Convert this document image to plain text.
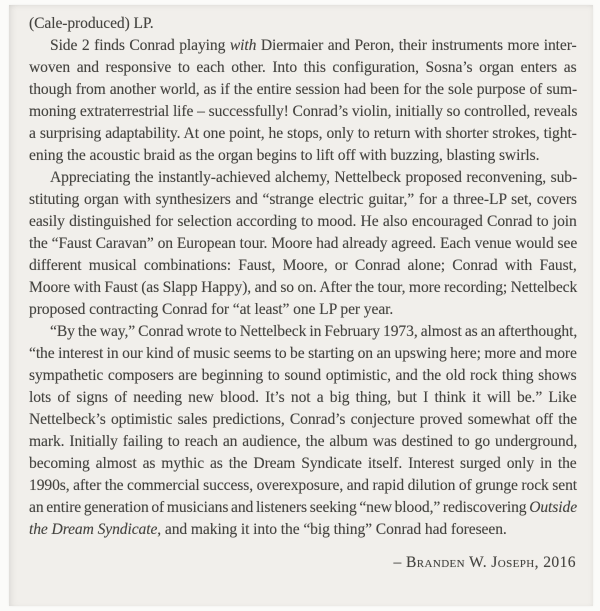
(Cale-produced) LP.
Side 2 finds Conrad playing with Diermaier and Peron, their instruments more inter-
woven and responsive to each other. Into this configuration, Sosna’s organ enters as
though from another world, as if the entire session had been for the sole purpose of sum-
moning extraterrestrial life – successfully! Conrad’s violin, initially so controlled, reveals
a surprising adaptability. At one point, he stops, only to return with shorter strokes, tight-
ening the acoustic braid as the organ begins to lift off with buzzing, blasting swirls.
Appreciating the instantly-achieved alchemy, Nettelbeck proposed reconvening, sub-
stituting organ with synthesizers and “strange electric guitar,” for a three-LP set, covers
easily distinguished for selection according to mood. He also encouraged Conrad to join
the “Faust Caravan” on European tour. Moore had already agreed. Each venue would see
different musical combinations: Faust, Moore, or Conrad alone; Conrad with Faust,
Moore with Faust (as Slapp Happy), and so on. After the tour, more recording; Nettelbeck
proposed contracting Conrad for “at least” one LP per year.
“By the way,” Conrad wrote to Nettelbeck in February 1973, almost as an afterthought,
“the interest in our kind of music seems to be starting on an upswing here; more and more
sympathetic composers are beginning to sound optimistic, and the old rock thing shows
lots of signs of needing new blood. It’s not a big thing, but I think it will be.” Like
Nettelbeck’s optimistic sales predictions, Conrad’s conjecture proved somewhat off the
mark. Initially failing to reach an audience, the album was destined to go underground,
becoming almost as mythic as the Dream Syndicate itself. Interest surged only in the
1990s, after the commercial success, overexposure, and rapid dilution of grunge rock sent
an entire generation of musicians and listeners seeking “new blood,” rediscovering Outside
the Dream Syndicate, and making it into the “big thing” Conrad had foreseen.
– Branden W. Joseph, 2016
